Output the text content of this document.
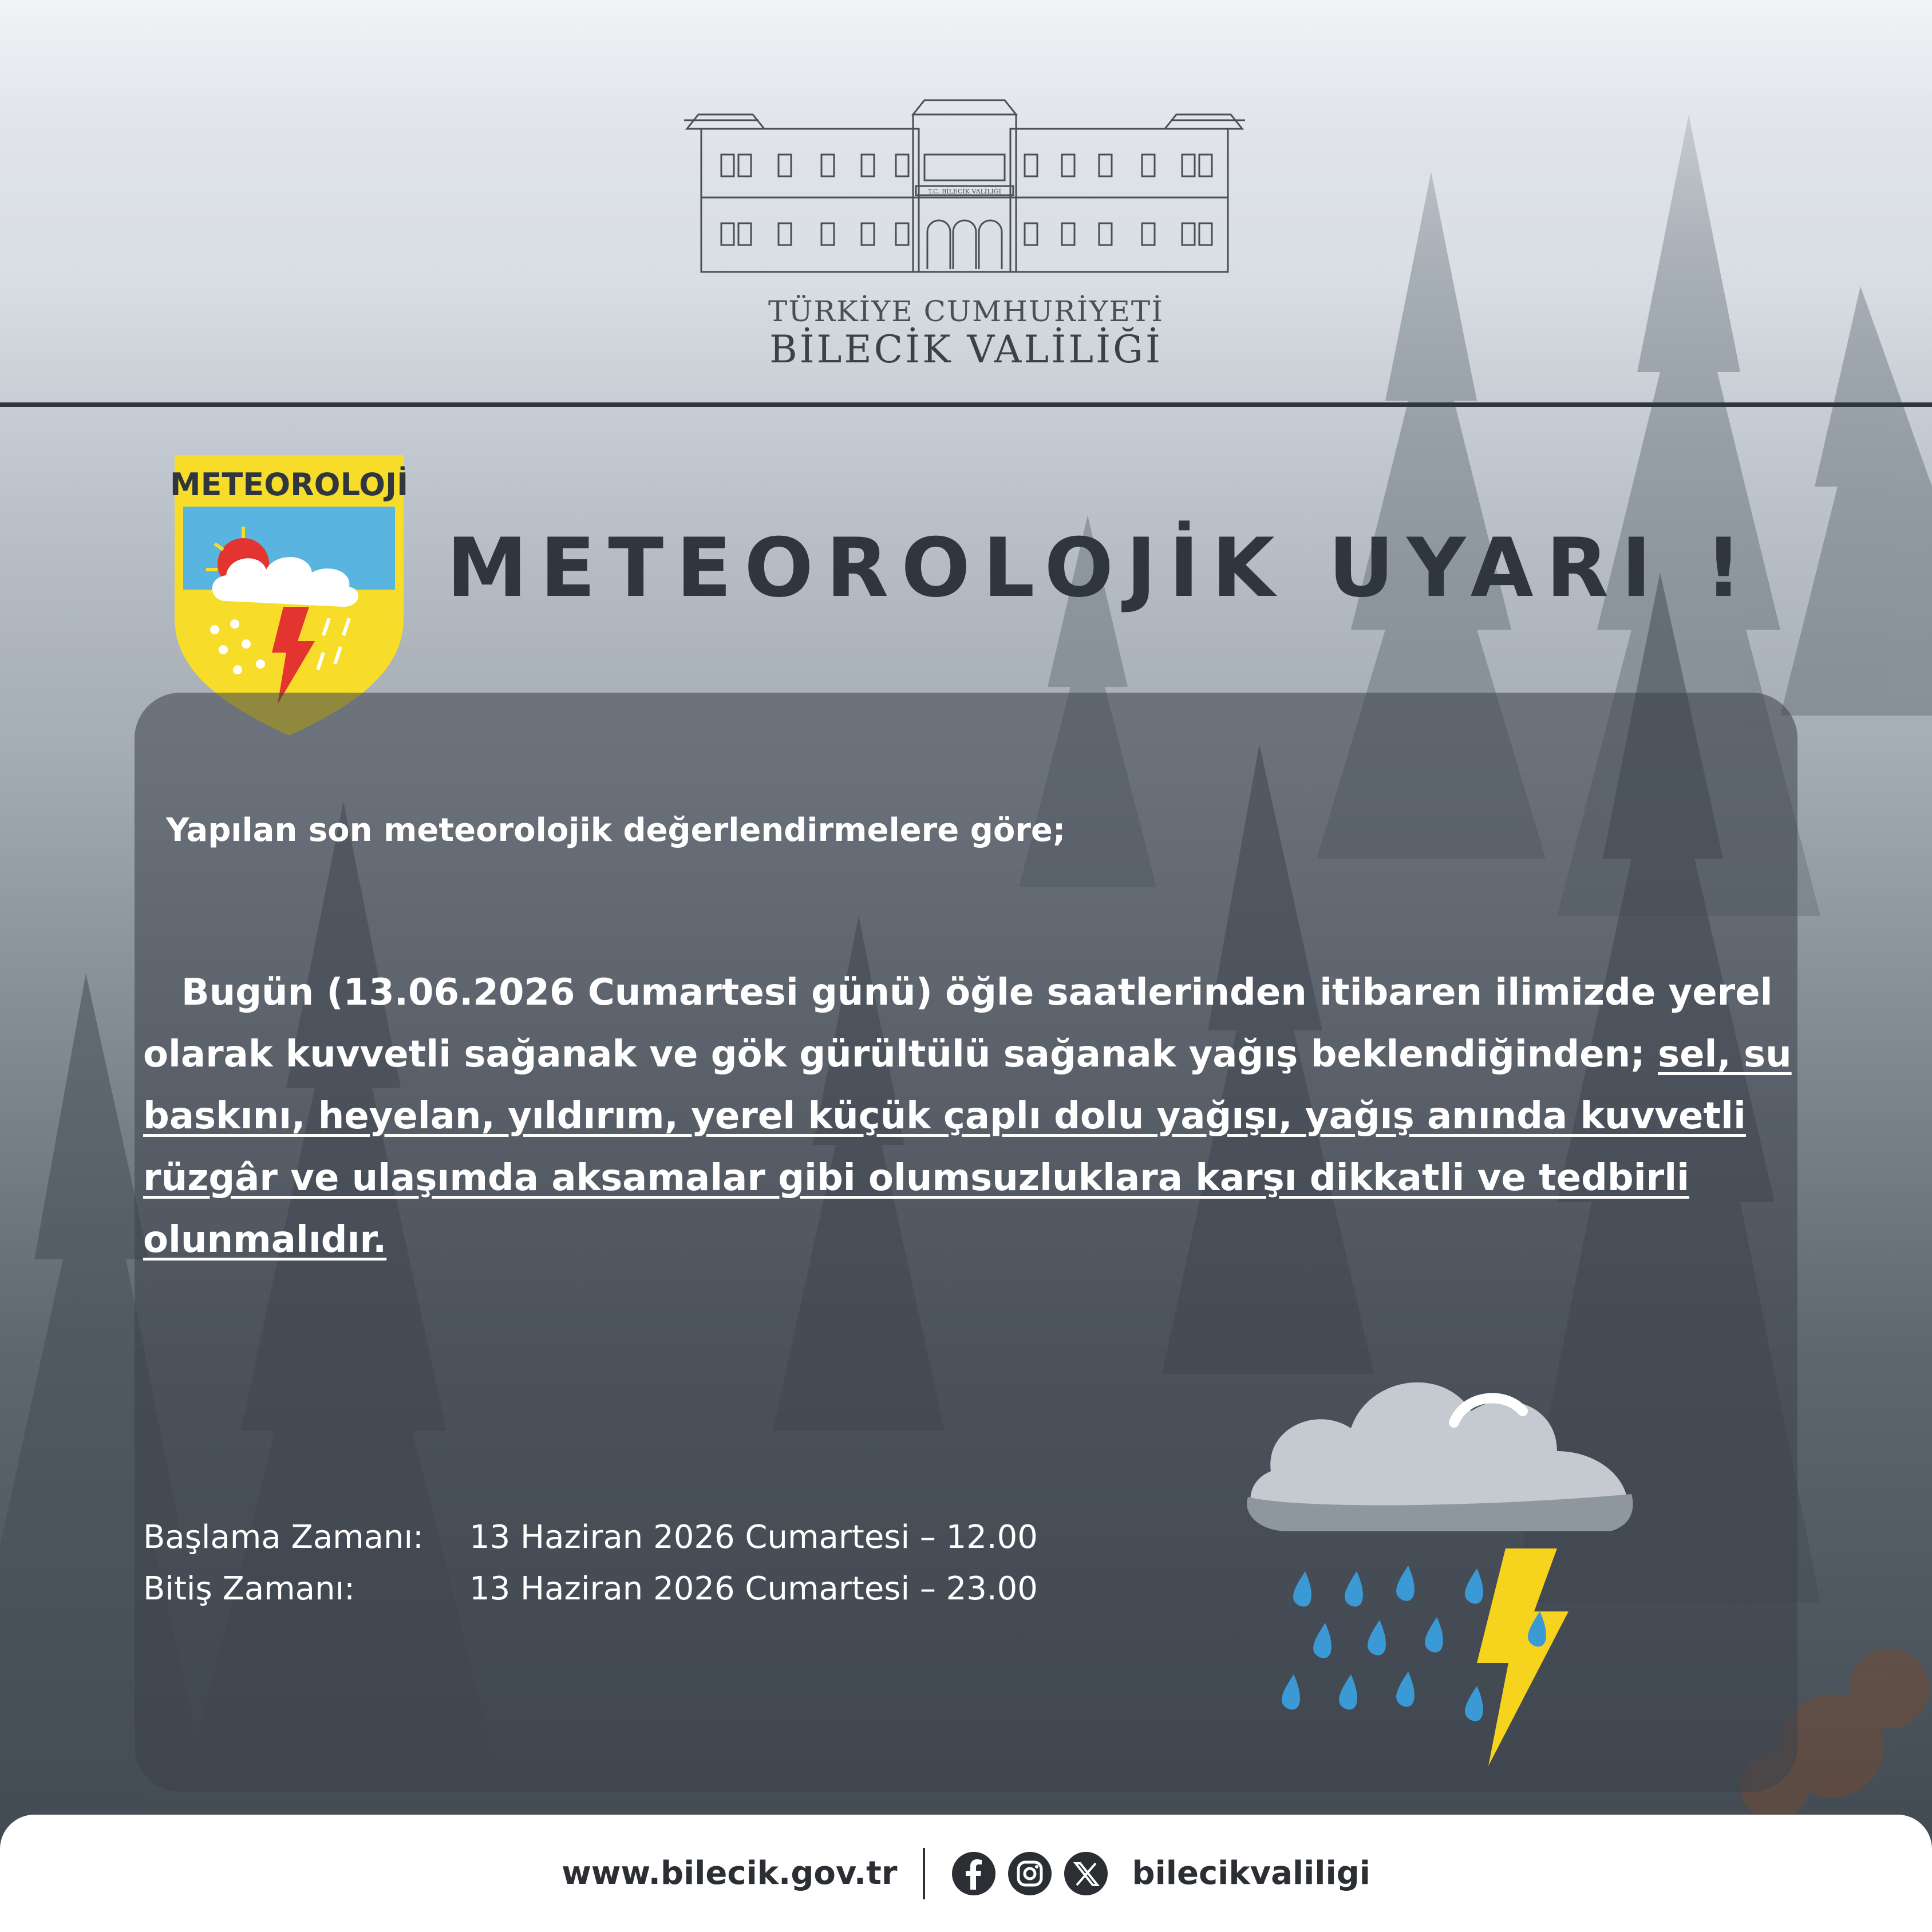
T.C. BİLECİK VALİLİĞİ
TÜRKİYE CUMHURİYETİ
BİLECİK VALİLİĞİ
METEOROLOJİ
METEOROLOJİK UYARI !
Yapılan son meteorolojik değerlendirmelere göre;
Bugün (13.06.2026 Cumartesi günü) öğle saatlerinden itibaren ilimizde yerel olarak kuvvetli sağanak ve gök gürültülü sağanak yağış beklendiğinden; sel, su baskını, heyelan, yıldırım, yerel küçük çaplı dolu yağışı, yağış anında kuvvetli rüzgâr ve ulaşımda aksamalar gibi olumsuzluklara karşı dikkatli ve tedbirli olunmalıdır.
Başlama Zamanı:	13 Haziran 2026 Cumartesi – 12.00
Bitiş Zamanı:	13 Haziran 2026 Cumartesi – 23.00
www.bilecik.gov.tr	bilecikvaliligi
